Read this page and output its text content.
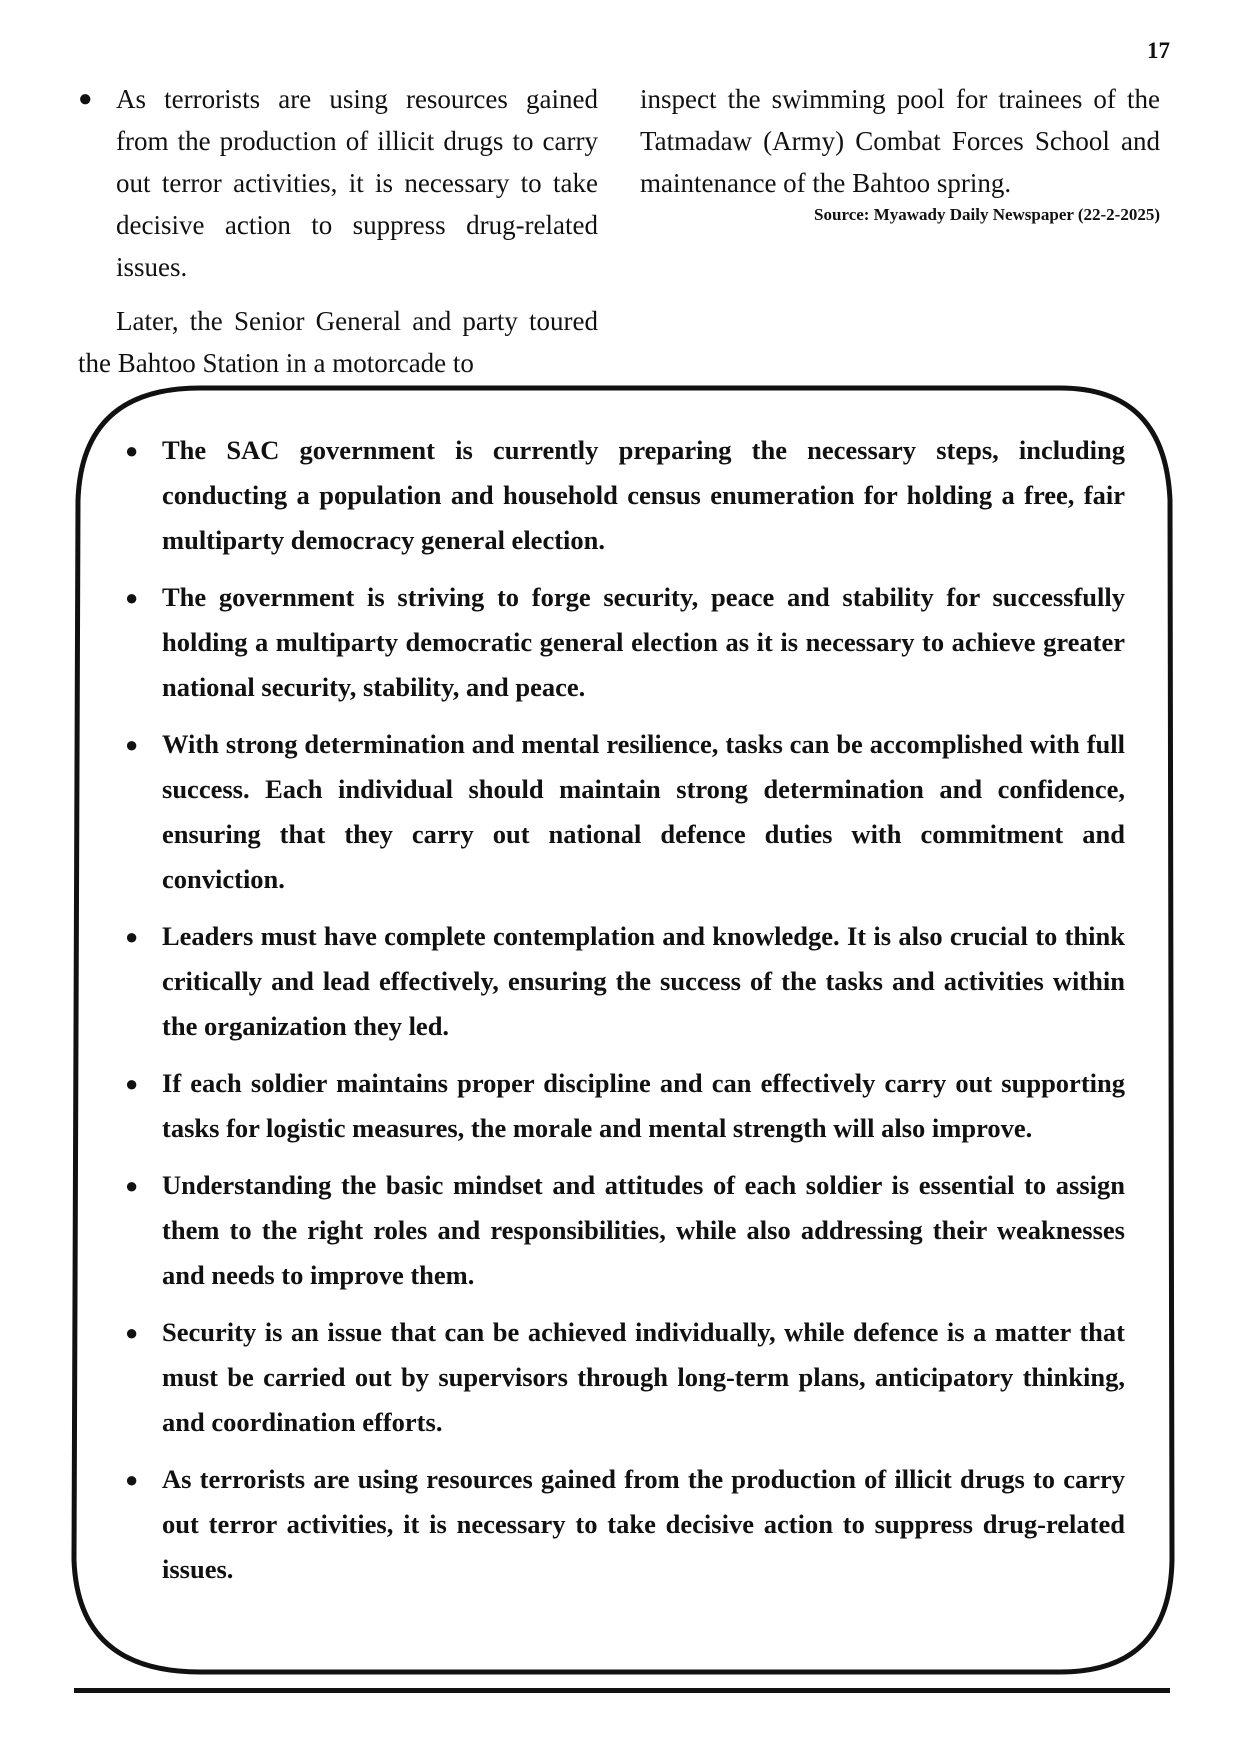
17

● As terrorists are using resources gained from the production of illicit drugs to carry out terror activities, it is necessary to take decisive action to suppress drug-related issues.

Later, the Senior General and party toured the Bahtoo Station in a motorcade to

inspect the swimming pool for trainees of the Tatmadaw (Army) Combat Forces School and maintenance of the Bahtoo spring.

Source: Myawady Daily Newspaper (22-2-2025)

● The SAC government is currently preparing the necessary steps, including conducting a population and household census enumeration for holding a free, fair multiparty democracy general election.
● The government is striving to forge security, peace and stability for successfully holding a multiparty democratic general election as it is necessary to achieve greater national security, stability, and peace.
● With strong determination and mental resilience, tasks can be accomplished with full success. Each individual should maintain strong determination and confidence, ensuring that they carry out national defence duties with commitment and conviction.
● Leaders must have complete contemplation and knowledge. It is also crucial to think critically and lead effectively, ensuring the success of the tasks and activities within the organization they led.
● If each soldier maintains proper discipline and can effectively carry out supporting tasks for logistic measures, the morale and mental strength will also improve.
● Understanding the basic mindset and attitudes of each soldier is essential to assign them to the right roles and responsibilities, while also addressing their weaknesses and needs to improve them.
● Security is an issue that can be achieved individually, while defence is a matter that must be carried out by supervisors through long-term plans, anticipatory thinking, and coordination efforts.
● As terrorists are using resources gained from the production of illicit drugs to carry out terror activities, it is necessary to take decisive action to suppress drug-related issues.
